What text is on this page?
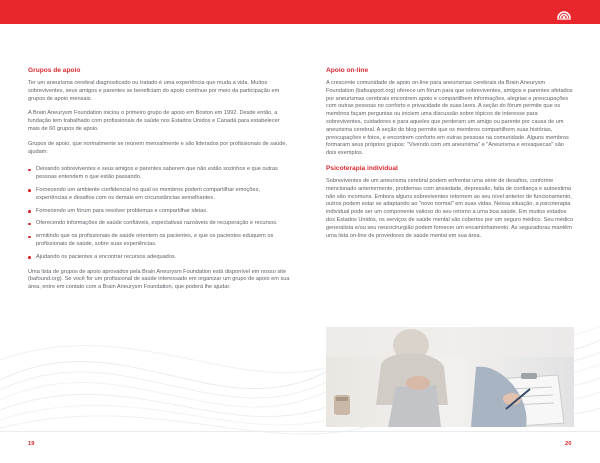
Grupos de apoio

Ter um aneurisma cerebral diagnosticado ou tratado é uma experiência que muda a vida. Muitos sobreviventes, seus amigos e parentes se beneficiam do apoio contínuo por meio da participação em grupos de apoio mensais.

A Brain Aneurysm Foundation iniciou o primeiro grupo de apoio em Boston em 1992. Desde então, a fundação tem trabalhado com profissionais de saúde nos Estados Unidos e Canadá para estabelecer mais de 60 grupos de apoio.

Grupos de apoio, que normalmente se reúnem mensalmente e são liderados por profissionais de saúde, ajudam:

Deixando sobreviventes e seus amigos e parentes saberem que não estão sozinhos e que outras pessoas entendem o que estão passando.
Fornecendo um ambiente confidencial no qual os membros podem compartilhar emoções, experiências e desafios com os demais em circunstâncias semelhantes.
Fornecendo um fórum para resolver problemas e compartilhar ideias.
Oferecendo informações de saúde confiáveis, expectativas razoáveis de recuperação e recursos.
ermitindo que os profissionais de saúde orientem os pacientes, e que os pacientes eduquem os profissionais de saúde, sobre suas experiências.
Ajudando os pacientes a encontrar recursos adequados.

Uma lista de grupos de apoio aprovados pela Brain Aneurysm Foundation está disponível em nosso site (bafound.org). Se você for um profissional de saúde interessado em organizar um grupo de apoio em sua área, entre em contato com a Brain Aneurysm Foundation, que poderá lhe ajudar.

Apoio on-line

A crescente comunidade de apoio on-line para aneurismas cerebrais da Brain Aneurysm Foundation (bafsupport.org) oferece um fórum para que sobreviventes, amigos e parentes afetados por aneurismas cerebrais encontrem apoio e compartilhem informações, alegrias e preocupações com outras pessoas no conforto e privacidade de suas lares. A seção do fórum permite que os membros façam perguntas ou iniciem uma discussão sobre tópicos de interesse para sobreviventes, cuidadores e para aqueles que perderam um amigo ou parente por causa de um aneurisma cerebral. A seção do blog permite que os membros compartilhem suas histórias, preocupações e fotos, e encontrem conforto em outras pessoas na comunidade. Alguns membros formaram seus próprios grupos: "Vivendo com um aneurisma" e "Aneurisma e enxaquecas" são dois exemplos.

Psicoterapia individual

Sobreviventes de um aneurisma cerebral podem enfrentar uma série de desafios, conforme mencionado anteriormente, problemas com ansiedade, depressão, falta de confiança e autoestima não são incomuns. Embora alguns sobreviventes retornem ao seu nível anterior de funcionamento, outros podem estar se adaptando ao "novo normal" em suas vidas. Nessa situação, a psicoterapia individual pode ser um componente valioso do seu retorno a uma boa saúde. Em muitos estados dos Estados Unidos, os serviços de saúde mental são cobertos por um seguro médico. Seu médico generalista e/ou seu neurocirurgião podem fornecer um encaminhamento. As seguradoras mantêm uma lista on-line de provedores de saúde mental em sua área.

19	20
